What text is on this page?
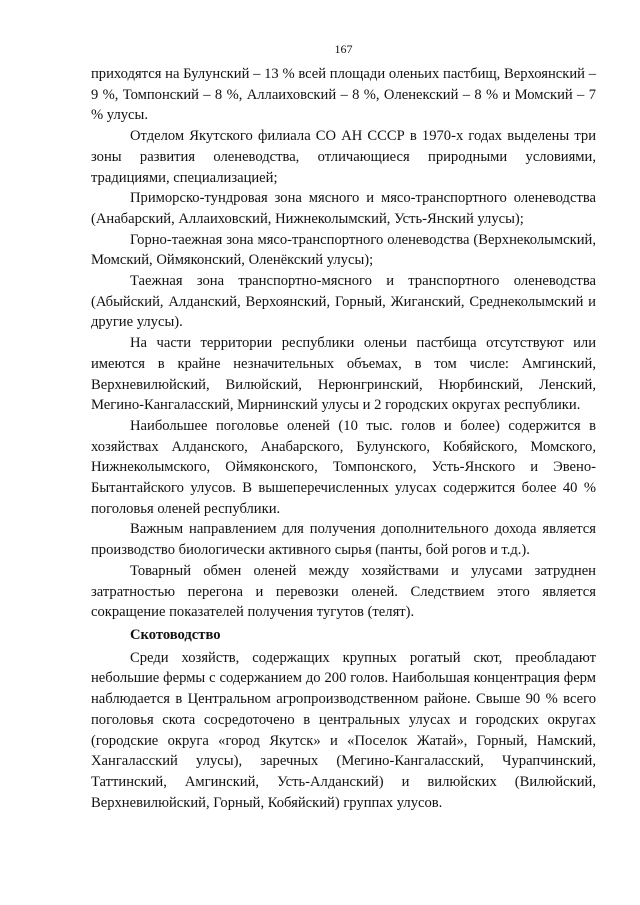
167

приходятся на Булунский – 13 % всей площади оленьих пастбищ, Верхоянский – 9 %, Томпонский – 8 %, Аллаиховский – 8 %, Оленекский – 8 % и Момский – 7 % улусы.

Отделом Якутского филиала СО АН СССР в 1970-х годах выделены три зоны развития оленеводства, отличающиеся природными условиями, традициями, специализацией;

Приморско-тундровая зона мясного и мясо-транспортного оленеводства (Анабарский, Аллаиховский, Нижнеколымский, Усть-Янский улусы);

Горно-таежная зона мясо-транспортного оленеводства (Верхнеколымский, Момский, Оймяконский, Оленёкский улусы);

Таежная зона транспортно-мясного и транспортного оленеводства (Абыйский, Алданский, Верхоянский, Горный, Жиганский, Среднеколымский и другие улусы).

На части территории республики оленьи пастбища отсутствуют или имеются в крайне незначительных объемах, в том числе: Амгинский, Верхневилюйский, Вилюйский, Нерюнгринский, Нюрбинский, Ленский, Мегино-Кангаласский, Мирнинский улусы и 2 городских округах республики.

Наибольшее поголовье оленей (10 тыс. голов и более) содержится в хозяйствах Алданского, Анабарского, Булунского, Кобяйского, Момского, Нижнеколымского, Оймяконского, Томпонского, Усть-Янского и Эвено-Бытантайского улусов. В вышеперечисленных улусах содержится более 40 % поголовья оленей республики.

Важным направлением для получения дополнительного дохода является производство биологически активного сырья (панты, бой рогов и т.д.).

Товарный обмен оленей между хозяйствами и улусами затруднен затратностью перегона и перевозки оленей. Следствием этого является сокращение показателей получения тугутов (телят).

Скотоводство

Среди хозяйств, содержащих крупных рогатый скот, преобладают небольшие фермы с содержанием до 200 голов. Наибольшая концентрация ферм наблюдается в Центральном агропроизводственном районе. Свыше 90 % всего поголовья скота сосредоточено в центральных улусах и городских округах (городские округа «город Якутск» и «Поселок Жатай», Горный, Намский, Хангаласский улусы), заречных (Мегино-Кангаласский, Чурапчинский, Таттинский, Амгинский, Усть-Алданский) и вилюйских (Вилюйский, Верхневилюйский, Горный, Кобяйский) группах улусов.
